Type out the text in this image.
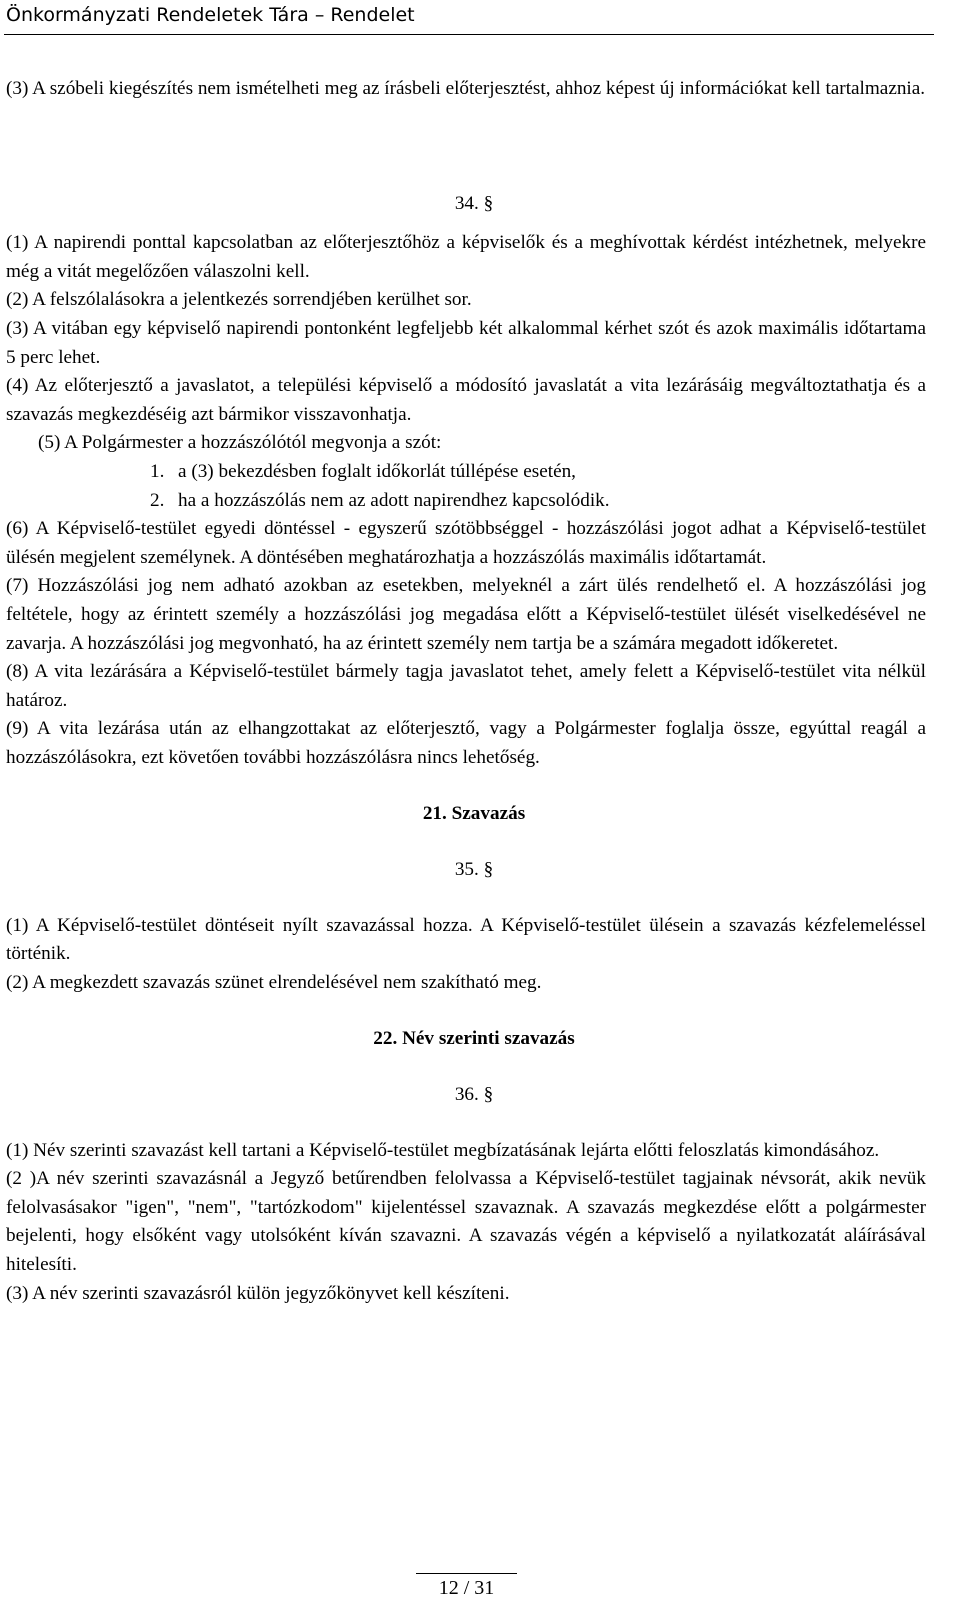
Önkormányzati Rendeletek Tára – Rendelet

(3) A szóbeli kiegészítés nem ismételheti meg az írásbeli előterjesztést, ahhoz képest új információkat kell tartalmaznia.

34. §

(1) A napirendi ponttal kapcsolatban az előterjesztőhöz a képviselők és a meghívottak kérdést intézhetnek, melyekre még a vitát megelőzően válaszolni kell.

(2) A felszólalásokra a jelentkezés sorrendjében kerülhet sor.

(3) A vitában egy képviselő napirendi pontonként legfeljebb két alkalommal kérhet szót és azok maximális időtartama 5 perc lehet.

(4) Az előterjesztő a javaslatot, a települési képviselő a módosító javaslatát a vita lezárásáig megváltoztathatja és a szavazás megkezdéséig azt bármikor visszavonhatja.

(5) A Polgármester a hozzászólótól megvonja a szót:

1. a (3) bekezdésben foglalt időkorlát túllépése esetén,
2. ha a hozzászólás nem az adott napirendhez kapcsolódik.

(6) A Képviselő-testület egyedi döntéssel - egyszerű szótöbbséggel - hozzászólási jogot adhat a Képviselő-testület ülésén megjelent személynek. A döntésében meghatározhatja a hozzászólás maximális időtartamát.

(7) Hozzászólási jog nem adható azokban az esetekben, melyeknél a zárt ülés rendelhető el. A hozzászólási jog feltétele, hogy az érintett személy a hozzászólási jog megadása előtt a Képviselő-testület ülését viselkedésével ne zavarja. A hozzászólási jog megvonható, ha az érintett személy nem tartja be a számára megadott időkeretet.

(8) A vita lezárására a Képviselő-testület bármely tagja javaslatot tehet, amely felett a Képviselő-testület vita nélkül határoz.

(9) A vita lezárása után az elhangzottakat az előterjesztő, vagy a Polgármester foglalja össze, egyúttal reagál a hozzászólásokra, ezt követően további hozzászólásra nincs lehetőség.

21. Szavazás

35. §

(1) A Képviselő-testület döntéseit nyílt szavazással hozza. A Képviselő-testület ülésein a szavazás kézfelemeléssel történik.

(2) A megkezdett szavazás szünet elrendelésével nem szakítható meg.

22. Név szerinti szavazás

36. §

(1) Név szerinti szavazást kell tartani a Képviselő-testület megbízatásának lejárta előtti feloszlatás kimondásához.

(2 )A név szerinti szavazásnál a Jegyző betűrendben felolvassa a Képviselő-testület tagjainak névsorát, akik nevük felolvasásakor "igen", "nem", "tartózkodom" kijelentéssel szavaznak. A szavazás megkezdése előtt a polgármester bejelenti, hogy elsőként vagy utolsóként kíván szavazni. A szavazás végén a képviselő a nyilatkozatát aláírásával hitelesíti.

(3) A név szerinti szavazásról külön jegyzőkönyvet kell készíteni.

12 / 31
